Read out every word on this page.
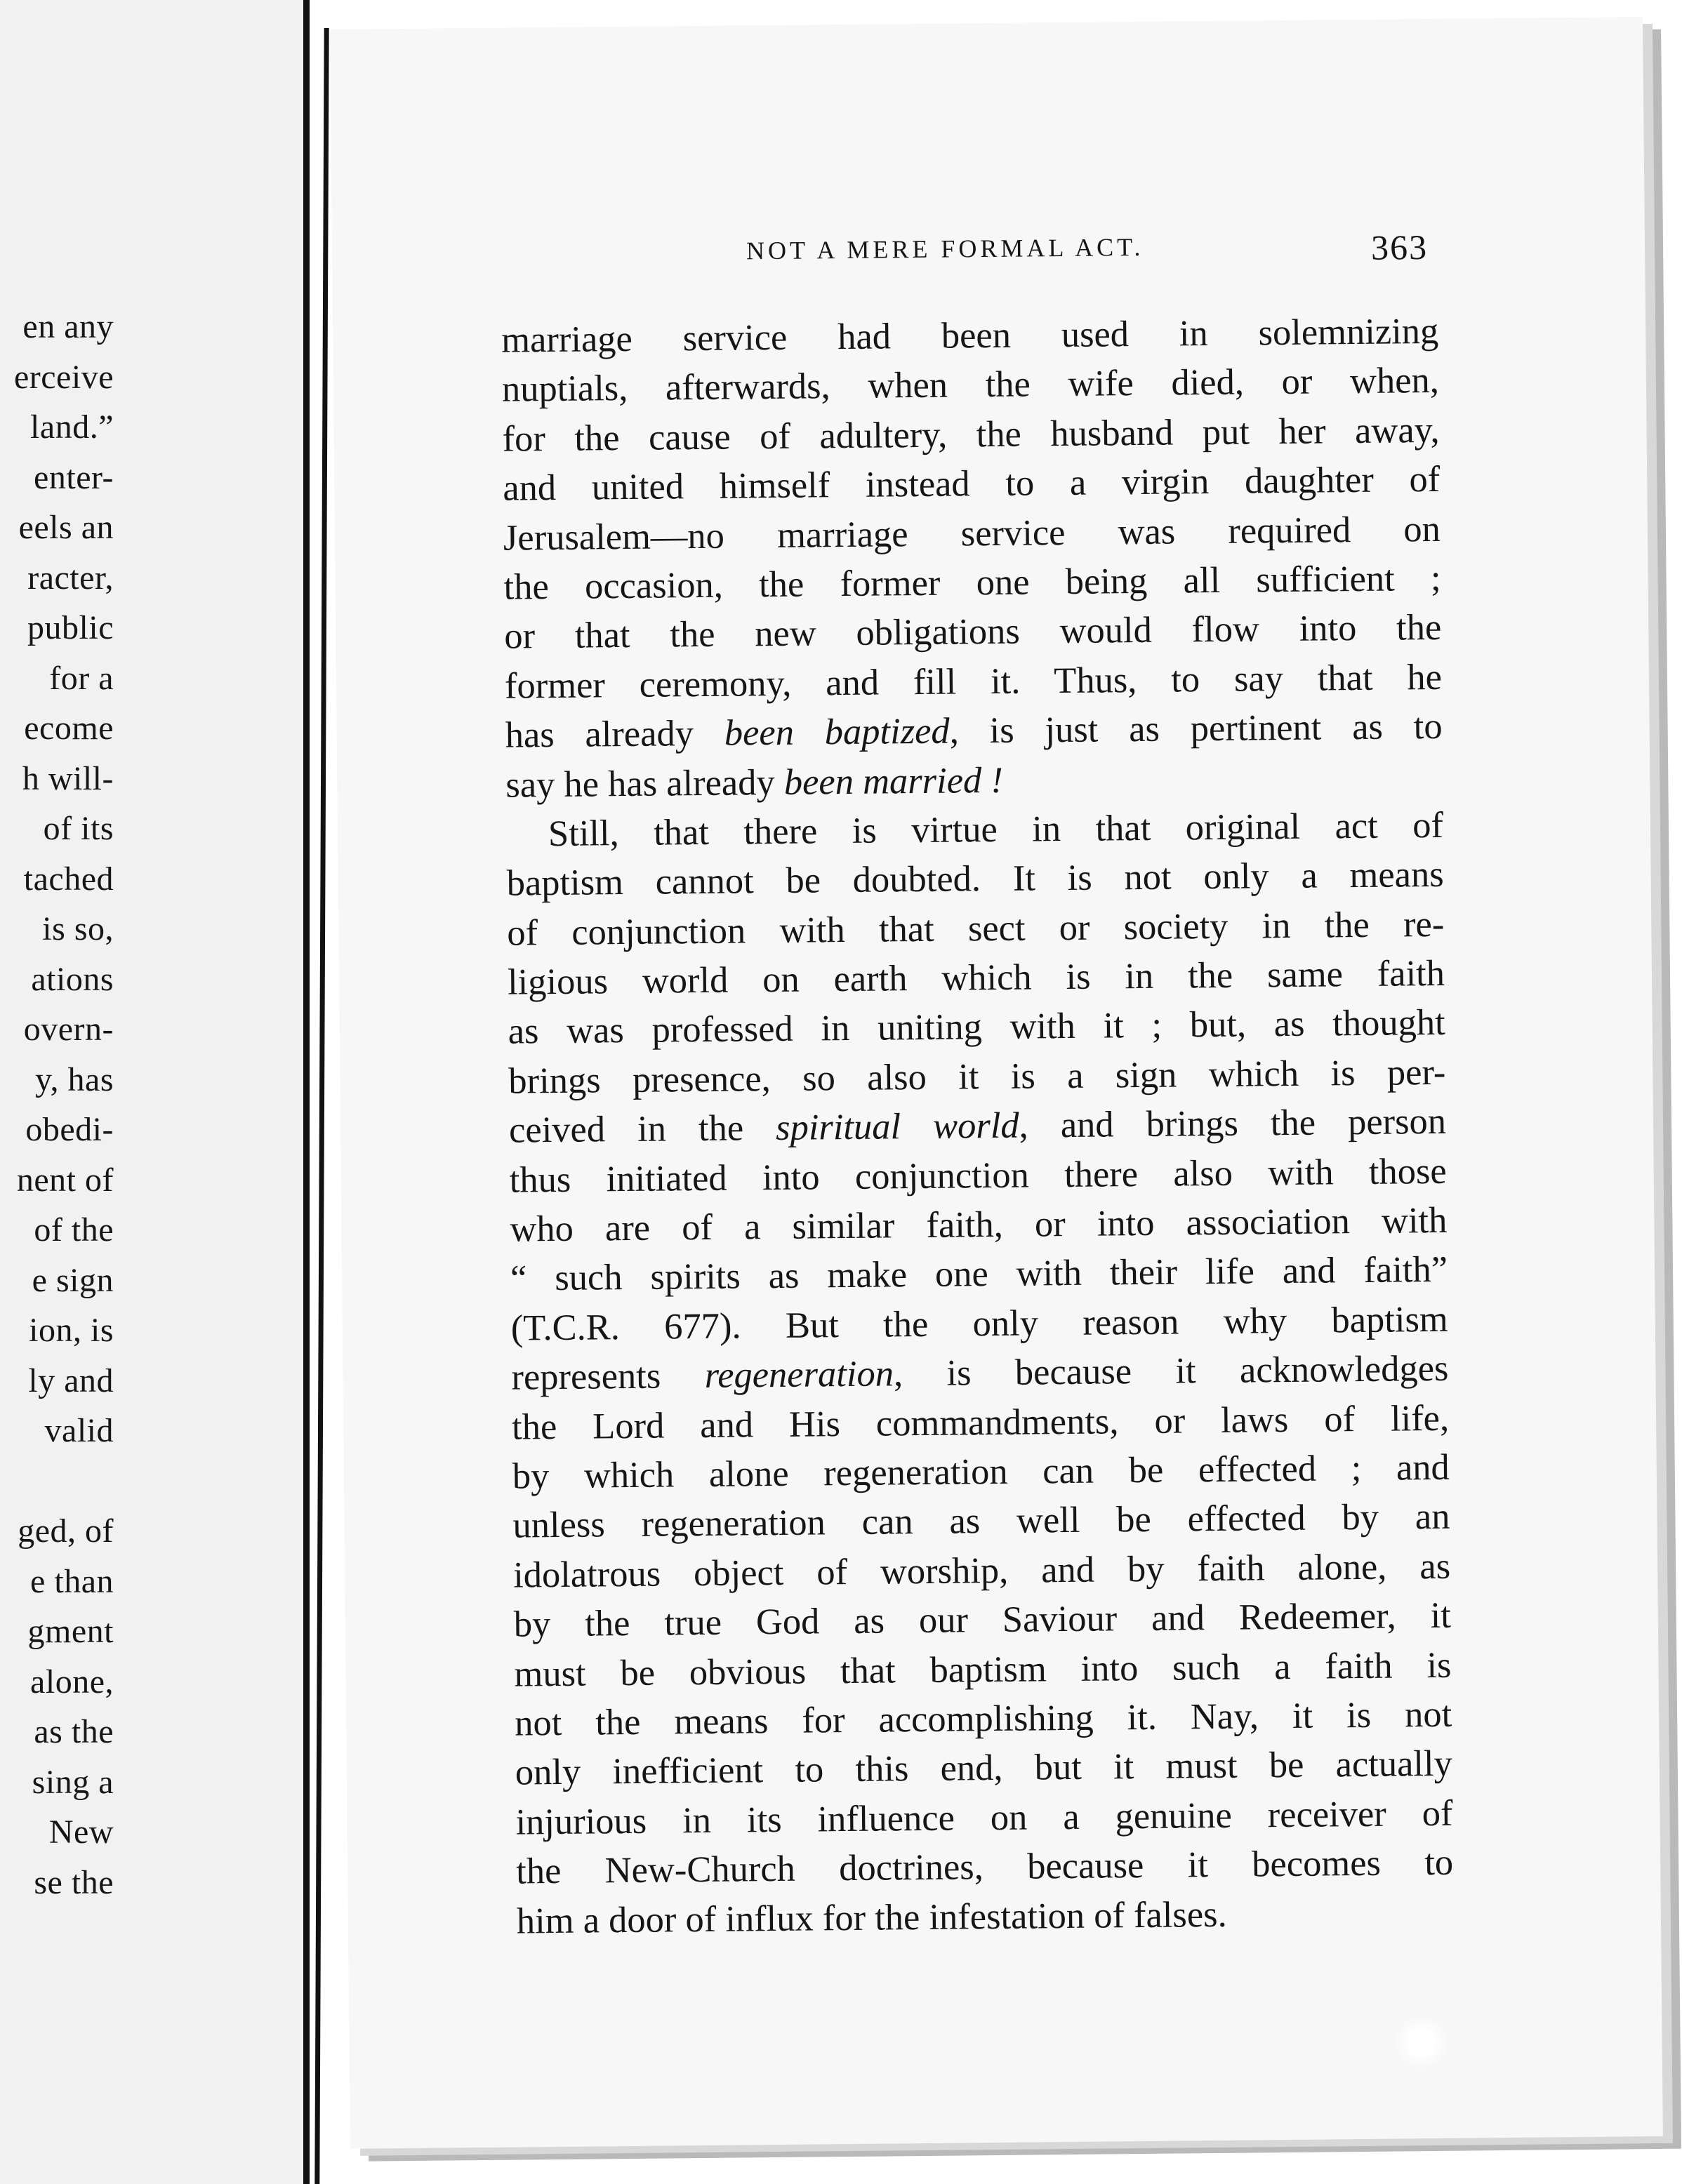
en any
erceive
land.”
enter-
eels an
racter,
public
for a
ecome
h will-
of its
tached
is so,
ations
overn-
y, has
obedi-
nent of
of the
e sign
ion, is
ly and
valid
ged, of
e than
gment
alone,
as the
sing a
New
se the
NOT A MERE FORMAL ACT.	363
marriage service had been used in solemnizing
nuptials, afterwards, when the wife died, or when,
for the cause of adultery, the husband put her away,
and united himself instead to a virgin daughter of
Jerusalem—no marriage service was required on
the occasion, the former one being all sufficient ;
or that the new obligations would flow into the
former ceremony, and fill it. Thus, to say that he
has already been baptized, is just as pertinent as to
say he has already been married !
Still, that there is virtue in that original act of
baptism cannot be doubted. It is not only a means
of conjunction with that sect or society in the re-
ligious world on earth which is in the same faith
as was professed in uniting with it ; but, as thought
brings presence, so also it is a sign which is per-
ceived in the spiritual world, and brings the person
thus initiated into conjunction there also with those
who are of a similar faith, or into association with
“ such spirits as make one with their life and faith”
(T.C.R. 677). But the only reason why baptism
represents regeneration, is because it acknowledges
the Lord and His commandments, or laws of life,
by which alone regeneration can be effected ; and
unless regeneration can as well be effected by an
idolatrous object of worship, and by faith alone, as
by the true God as our Saviour and Redeemer, it
must be obvious that baptism into such a faith is
not the means for accomplishing it. Nay, it is not
only inefficient to this end, but it must be actually
injurious in its influence on a genuine receiver of
the New-Church doctrines, because it becomes to
him a door of influx for the infestation of falses.
